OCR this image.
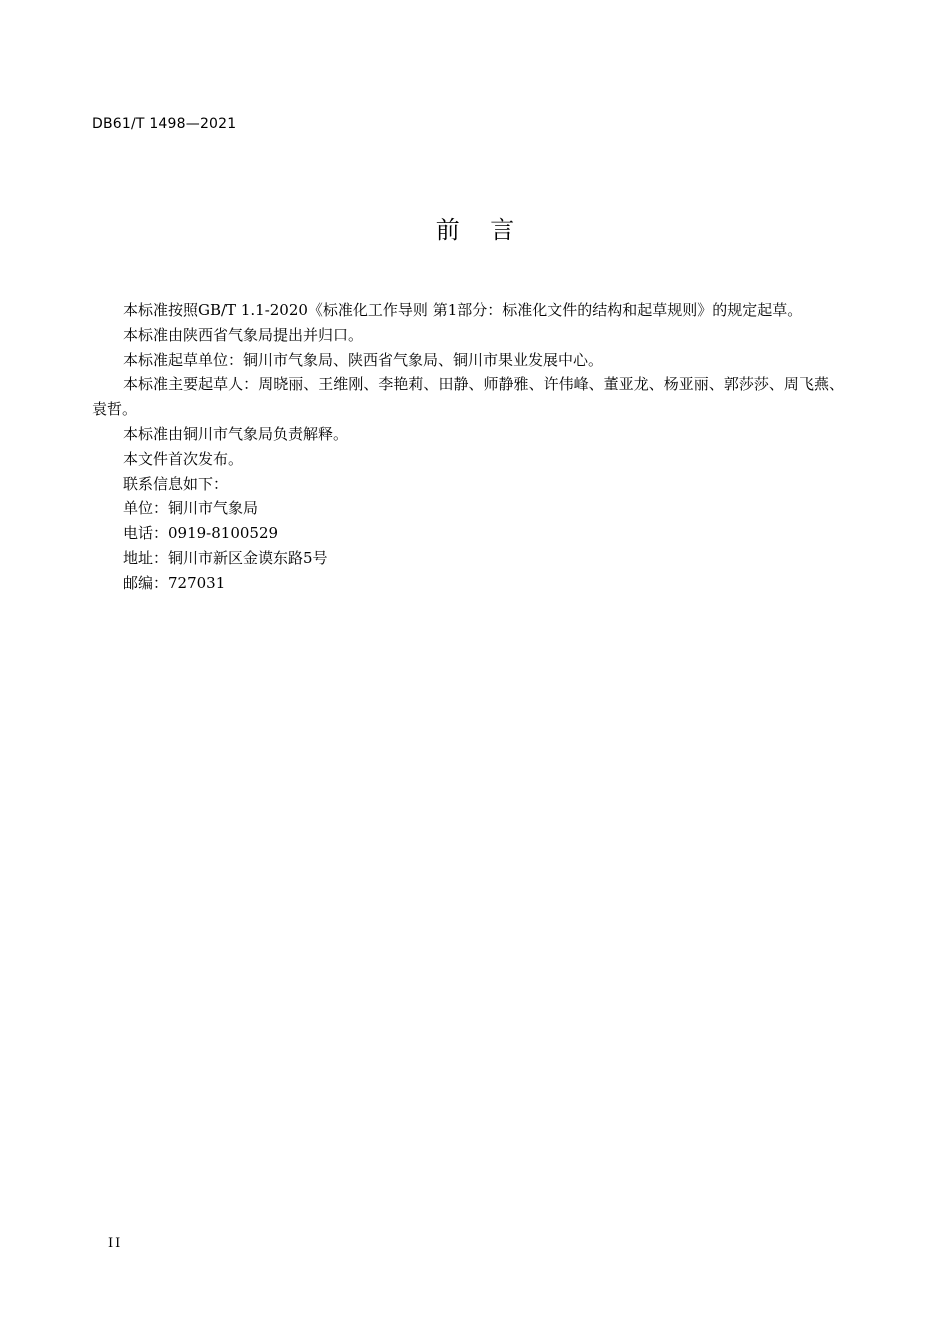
DB61/T 1498—2021
前    言

本标准按照GB/T 1.1-2020《标准化工作导则 第1部分：标准化文件的结构和起草规则》的规定起草。

本标准由陕西省气象局提出并归口。

本标准起草单位：铜川市气象局、陕西省气象局、铜川市果业发展中心。

本标准主要起草人：周晓丽、王维刚、李艳莉、田静、师静雅、许伟峰、董亚龙、杨亚丽、郭莎莎、周飞燕、袁哲。

本标准由铜川市气象局负责解释。

本文件首次发布。

联系信息如下：

单位：铜川市气象局

电话：0919-8100529

地址：铜川市新区金谟东路5号

邮编：727031

II
